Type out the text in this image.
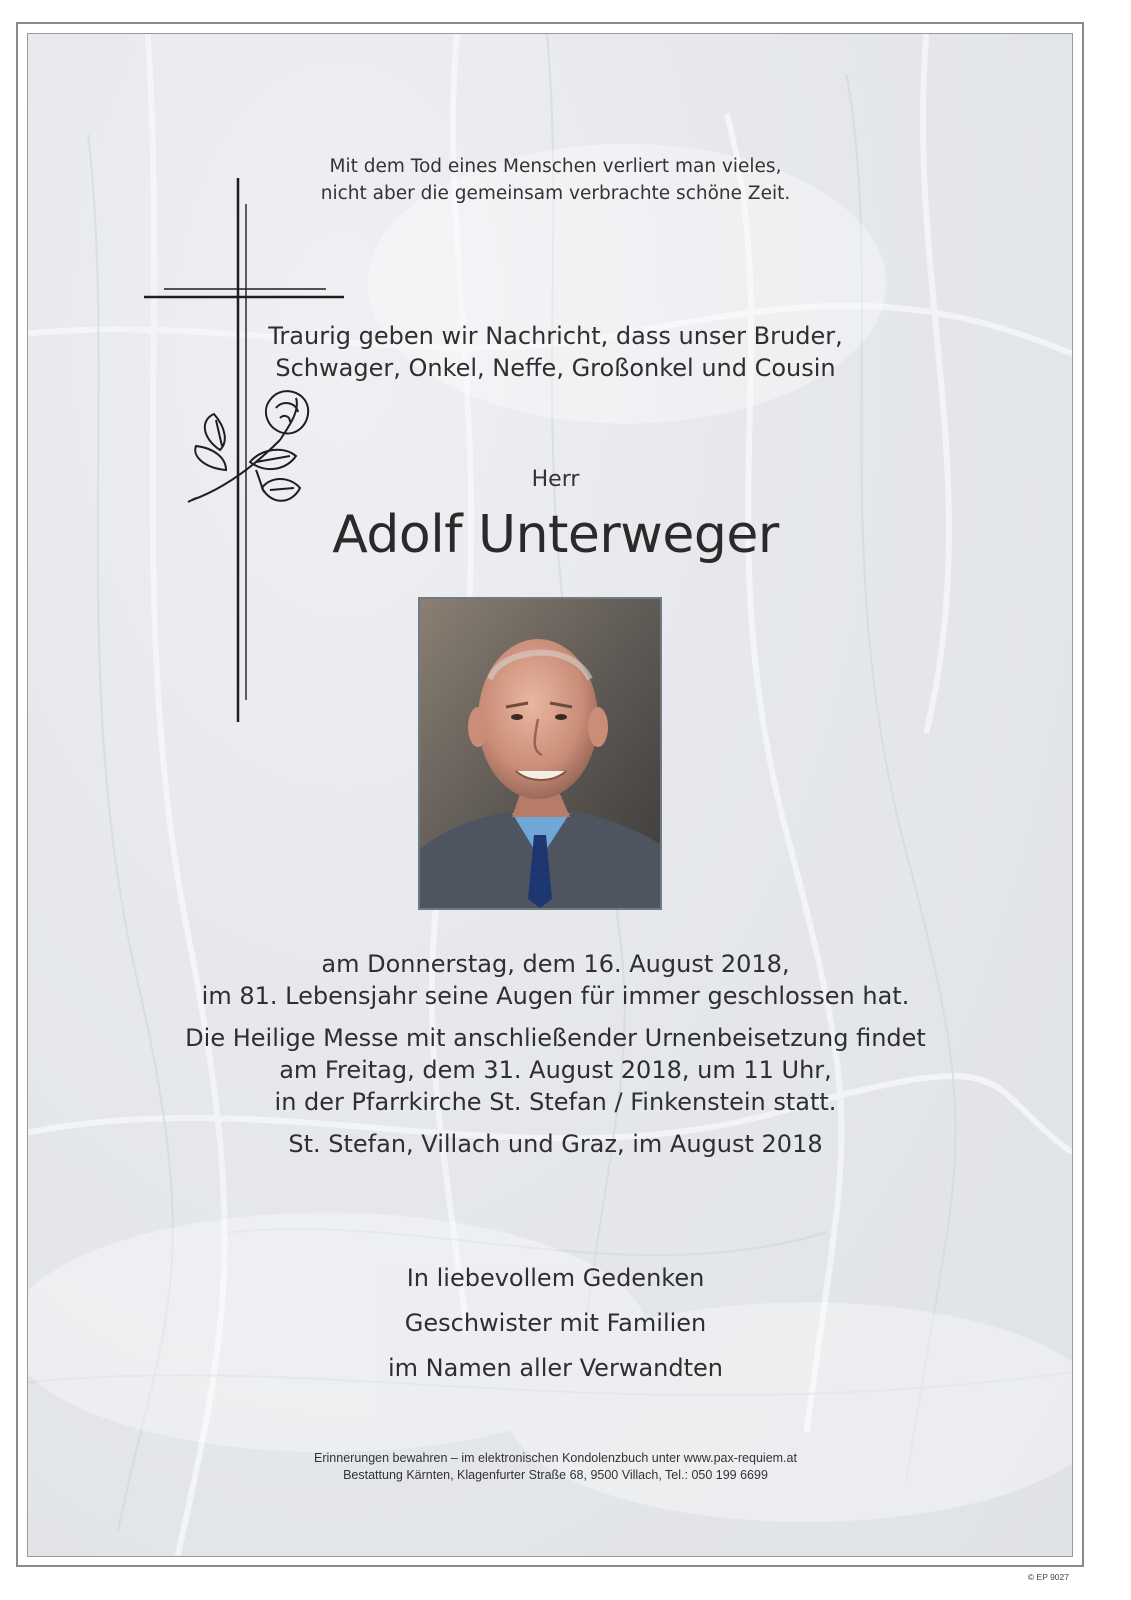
Mit dem Tod eines Menschen verliert man vieles,
nicht aber die gemeinsam verbrachte schöne Zeit.
Traurig geben wir Nachricht, dass unser Bruder,
Schwager, Onkel, Neffe, Großonkel und Cousin
Herr
Adolf Unterweger
am Donnerstag, dem 16. August 2018,
im 81. Lebensjahr seine Augen für immer geschlossen hat.
Die Heilige Messe mit anschließender Urnenbeisetzung findet
am Freitag, dem 31. August 2018, um 11 Uhr,
in der Pfarrkirche St. Stefan / Finkenstein statt.
St. Stefan, Villach und Graz, im August 2018
In liebevollem Gedenken
Geschwister mit Familien
im Namen aller Verwandten
Erinnerungen bewahren – im elektronischen Kondolenzbuch unter www.pax-requiem.at
Bestattung Kärnten, Klagenfurter Straße 68, 9500 Villach, Tel.: 050 199 6699
© EP 9027
